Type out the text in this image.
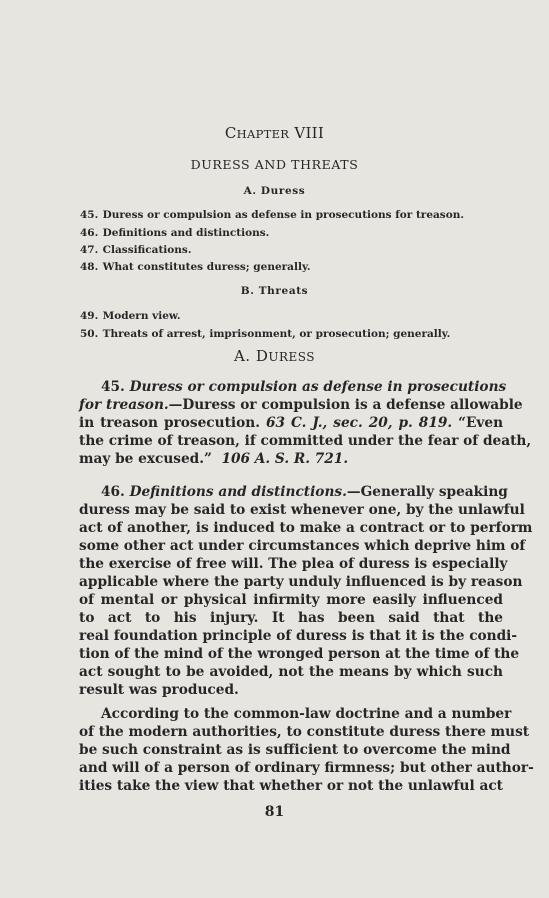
CHAPTER VIII
DURESS AND THREATS
A. Duress
45. Duress or compulsion as defense in prosecutions for treason.
46. Definitions and distinctions.
47. Classifications.
48. What constitutes duress; generally.
B. Threats
49. Modern view.
50. Threats of arrest, imprisonment, or prosecution; generally.
A. DURESS
45. Duress or compulsion as defense in prosecutions
for treason.—Duress or compulsion is a defense allowable
in treason prosecution. 63 C. J., sec. 20, p. 819. “Even
the crime of treason, if committed under the fear of death,
may be excused.” 106 A. S. R. 721.
46. Definitions and distinctions.—Generally speaking
duress may be said to exist whenever one, by the unlawful
act of another, is induced to make a contract or to perform
some other act under circumstances which deprive him of
the exercise of free will. The plea of duress is especially
applicable where the party unduly influenced is by reason
of mental or physical infirmity more easily influenced
to act to his injury. It has been said that the
real foundation principle of duress is that it is the condi-
tion of the mind of the wronged person at the time of the
act sought to be avoided, not the means by which such
result was produced.
According to the common-law doctrine and a number
of the modern authorities, to constitute duress there must
be such constraint as is sufficient to overcome the mind
and will of a person of ordinary firmness; but other author-
ities take the view that whether or not the unlawful act
81
